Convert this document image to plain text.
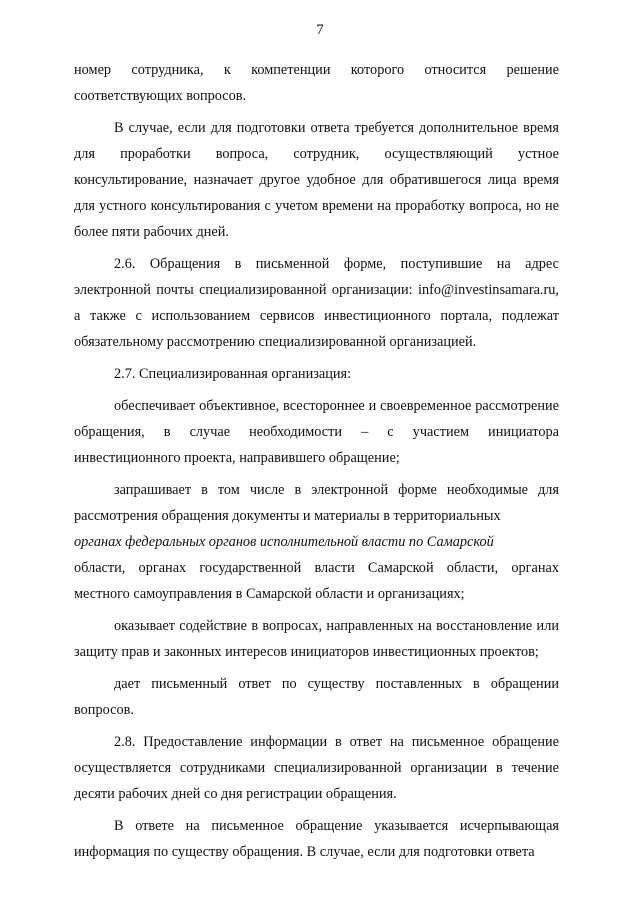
7

номер сотрудника, к компетенции которого относится решение соответствующих вопросов.

В случае, если для подготовки ответа требуется дополнительное время для проработки вопроса, сотрудник, осуществляющий устное консультирование, назначает другое удобное для обратившегося лица время для устного консультирования с учетом времени на проработку вопроса, но не более пяти рабочих дней.

2.6. Обращения в письменной форме, поступившие на адрес электронной почты специализированной организации: info@investinsamara.ru, а также с использованием сервисов инвестиционного портала, подлежат обязательному рассмотрению специализированной организацией.

2.7. Специализированная организация:

обеспечивает объективное, всестороннее и своевременное рассмотрение обращения, в случае необходимости – с участием инициатора инвестиционного проекта, направившего обращение;

запрашивает в том числе в электронной форме необходимые для рассмотрения обращения документы и материалы в территориальных

органах федеральных органов исполнительной власти по Самарской

области, органах государственной власти Самарской области, органах местного самоуправления в Самарской области и организациях;

оказывает содействие в вопросах, направленных на восстановление или защиту прав и законных интересов инициаторов инвестиционных проектов;

дает письменный ответ по существу поставленных в обращении вопросов.

2.8. Предоставление информации в ответ на письменное обращение осуществляется сотрудниками специализированной организации в течение десяти рабочих дней со дня регистрации обращения.

В ответе на письменное обращение указывается исчерпывающая информация по существу обращения. В случае, если для подготовки ответа
